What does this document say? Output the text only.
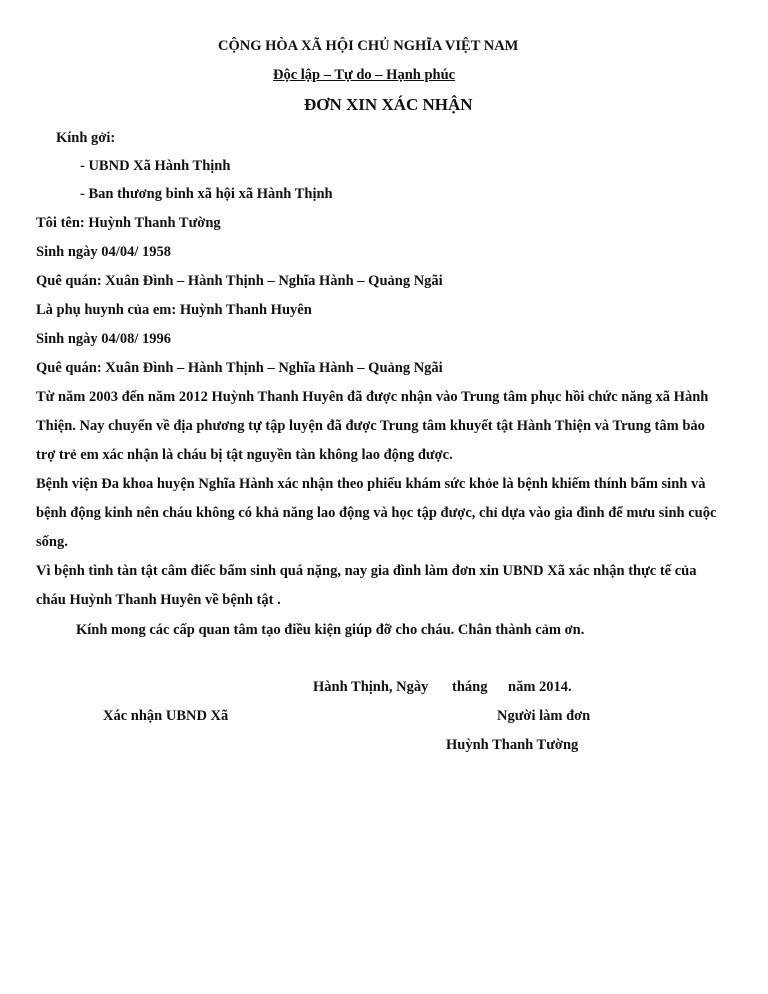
CỘNG HÒA XÃ HỘI CHỦ NGHĨA VIỆT NAM
Độc lập – Tự do – Hạnh phúc
ĐƠN XIN XÁC NHẬN
Kính gởi:
- UBND Xã Hành Thịnh
- Ban thương binh xã hội xã Hành Thịnh
Tôi tên: Huỳnh Thanh Tường
Sinh ngày 04/04/ 1958
Quê quán: Xuân Đình – Hành Thịnh – Nghĩa Hành – Quảng Ngãi
Là phụ huynh của em: Huỳnh Thanh Huyên
Sinh ngày 04/08/ 1996
Quê quán: Xuân Đình – Hành Thịnh – Nghĩa Hành – Quảng Ngãi
Từ năm 2003 đến năm 2012 Huỳnh Thanh Huyên đã được nhận vào Trung tâm phục hồi chức năng xã Hành
Thiện. Nay chuyển về địa phương tự tập luyện đã được Trung tâm khuyết tật Hành Thiện và Trung tâm bảo
trợ trẻ em xác nhận là cháu bị tật nguyền tàn không lao động được.
Bệnh viện Đa khoa huyện Nghĩa Hành xác nhận theo phiếu khám sức khỏe là bệnh khiếm thính bẩm sinh và
bệnh động kinh nên cháu không có khả năng lao động và học tập được, chỉ dựa vào gia đình để mưu sinh cuộc
sống.
Vì bệnh tình tàn tật câm điếc bẩm sinh quá nặng, nay gia đình làm đơn xin UBND Xã xác nhận thực tế của
cháu Huỳnh Thanh Huyên về bệnh tật .
Kính mong các cấp quan tâm tạo điều kiện giúp đỡ cho cháu. Chân thành cảm ơn.
Hành Thịnh, Ngày tháng năm 2014.
Xác nhận UBND Xã	Người làm đơn
Huỳnh Thanh Tường
